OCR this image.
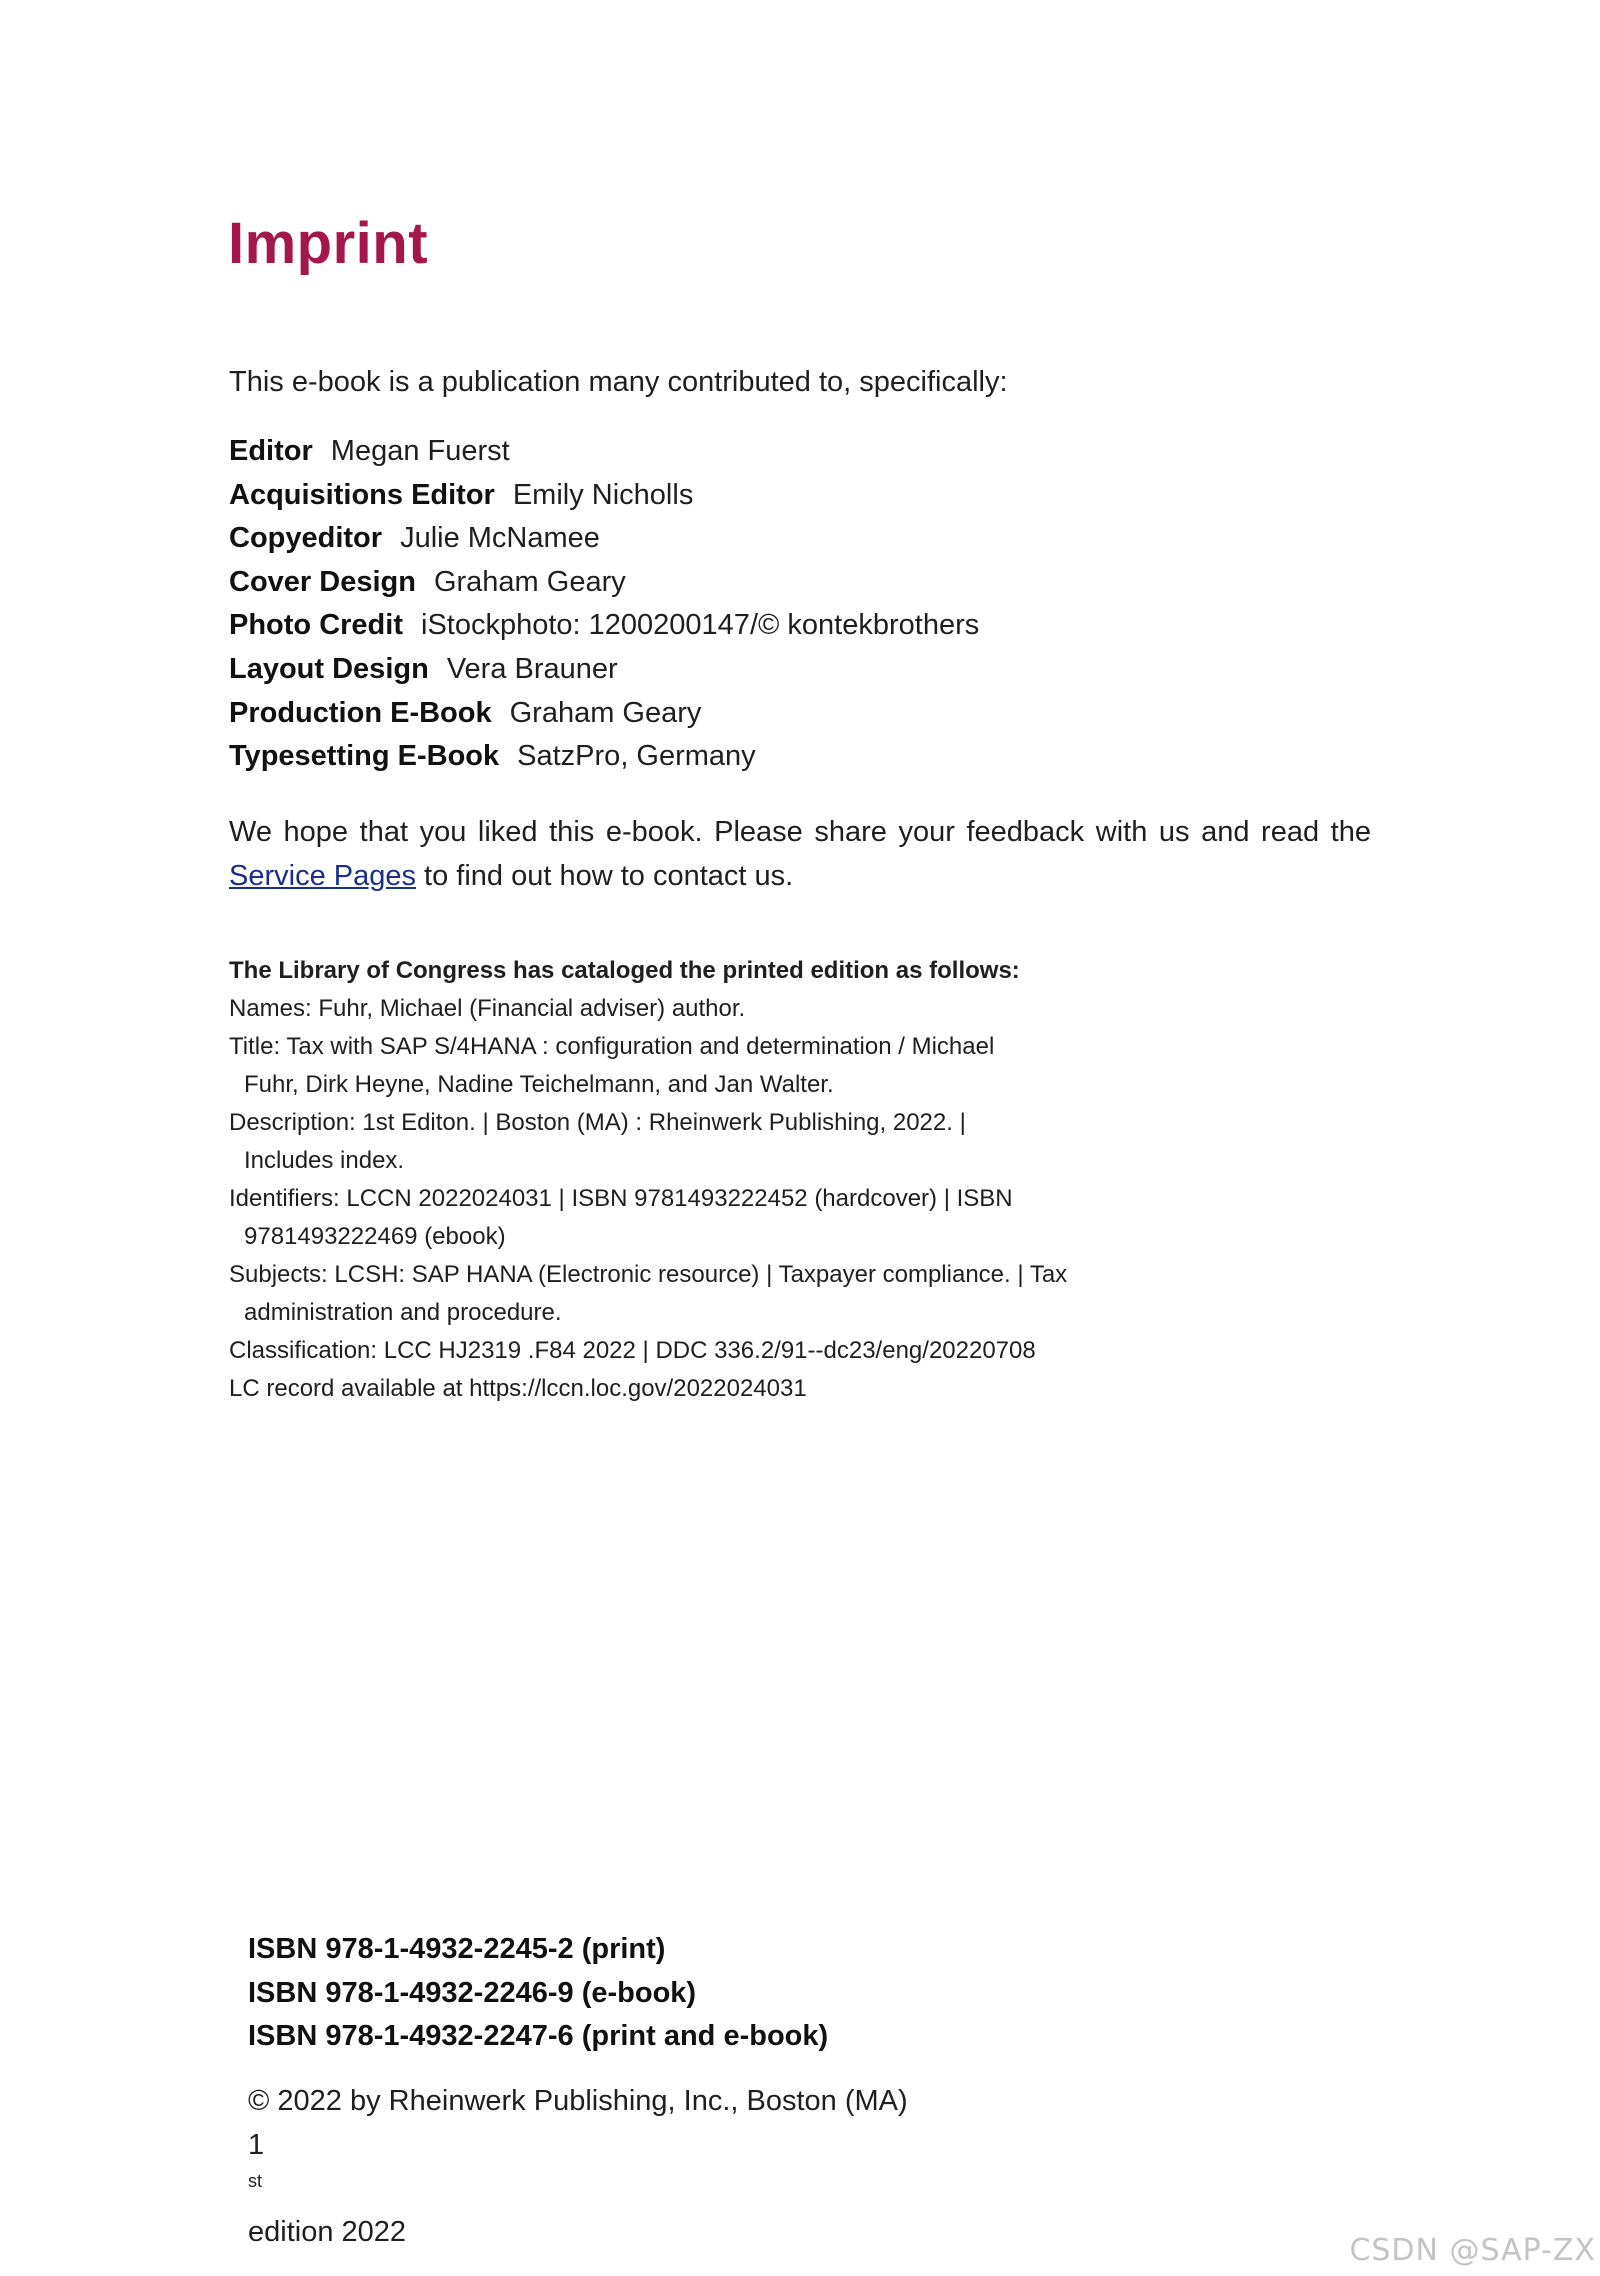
Imprint

This e-book is a publication many contributed to, specifically:

Editor Megan Fuerst
Acquisitions Editor Emily Nicholls
Copyeditor Julie McNamee
Cover Design Graham Geary
Photo Credit iStockphoto: 1200200147/© kontekbrothers
Layout Design Vera Brauner
Production E-Book Graham Geary
Typesetting E-Book SatzPro, Germany

We hope that you liked this e-book. Please share your feedback with us and read the Service Pages to find out how to contact us.

The Library of Congress has cataloged the printed edition as follows:
Names: Fuhr, Michael (Financial adviser) author.
Title: Tax with SAP S/4HANA : configuration and determination / Michael
Fuhr, Dirk Heyne, Nadine Teichelmann, and Jan Walter.
Description: 1st Editon. | Boston (MA) : Rheinwerk Publishing, 2022. |
Includes index.
Identifiers: LCCN 2022024031 | ISBN 9781493222452 (hardcover) | ISBN
9781493222469 (ebook)
Subjects: LCSH: SAP HANA (Electronic resource) | Taxpayer compliance. | Tax
administration and procedure.
Classification: LCC HJ2319 .F84 2022 | DDC 336.2/91--dc23/eng/20220708
LC record available at https://lccn.loc.gov/2022024031
ISBN 978-1-4932-2245-2 (print)
ISBN 978-1-4932-2246-9 (e-book)
ISBN 978-1-4932-2247-6 (print and e-book)
© 2022 by Rheinwerk Publishing, Inc., Boston (MA)
1
$^{st}$
edition 2022
CSDN @SAP-ZX
